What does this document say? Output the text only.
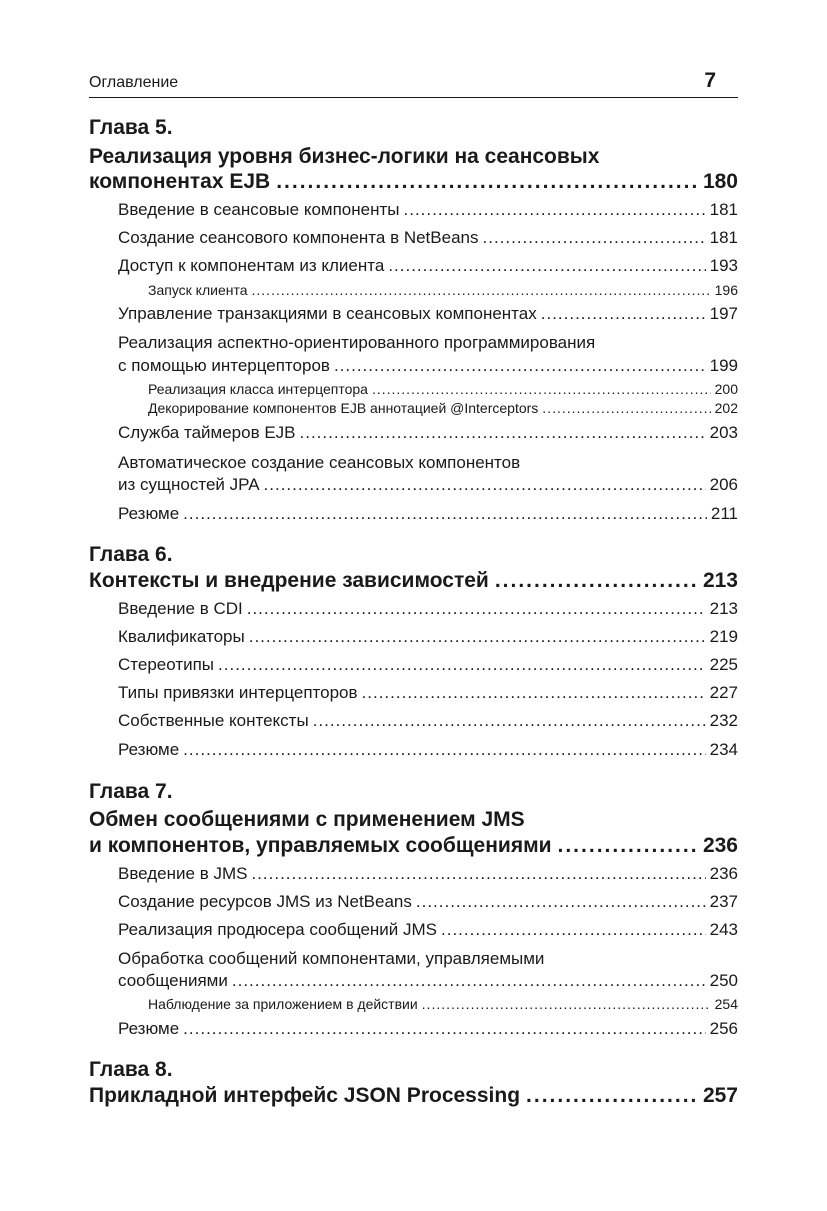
Оглавление	7
Глава 5.
Реализация уровня бизнес-логики на сеансовых
компонентах EJB .....	180
Введение в сеансовые компоненты .....	181
Создание сеансового компонента в NetBeans .....	181
Доступ к компонентам из клиента .....	193
Запуск клиента .....	196
Управление транзакциями в сеансовых компонентах .....	197
Реализация аспектно-ориентированного программирования
с помощью интерцепторов .....	199
Реализация класса интерцептора .....	200
Декорирование компонентов EJB аннотацией @Interceptors .....	202
Служба таймеров EJB .....	203
Автоматическое создание сеансовых компонентов
из сущностей JPA .....	206
Резюме .....	211
Глава 6.
Контексты и внедрение зависимостей .....	213
Введение в CDI .....	213
Квалификаторы .....	219
Стереотипы .....	225
Типы привязки интерцепторов .....	227
Собственные контексты .....	232
Резюме .....	234
Глава 7.
Обмен сообщениями с применением JMS
и компонентов, управляемых сообщениями .....	236
Введение в JMS .....	236
Создание ресурсов JMS из NetBeans .....	237
Реализация продюсера сообщений JMS .....	243
Обработка сообщений компонентами, управляемыми
сообщениями .....	250
Наблюдение за приложением в действии .....	254
Резюме .....	256
Глава 8.
Прикладной интерфейс JSON Processing .....	257
